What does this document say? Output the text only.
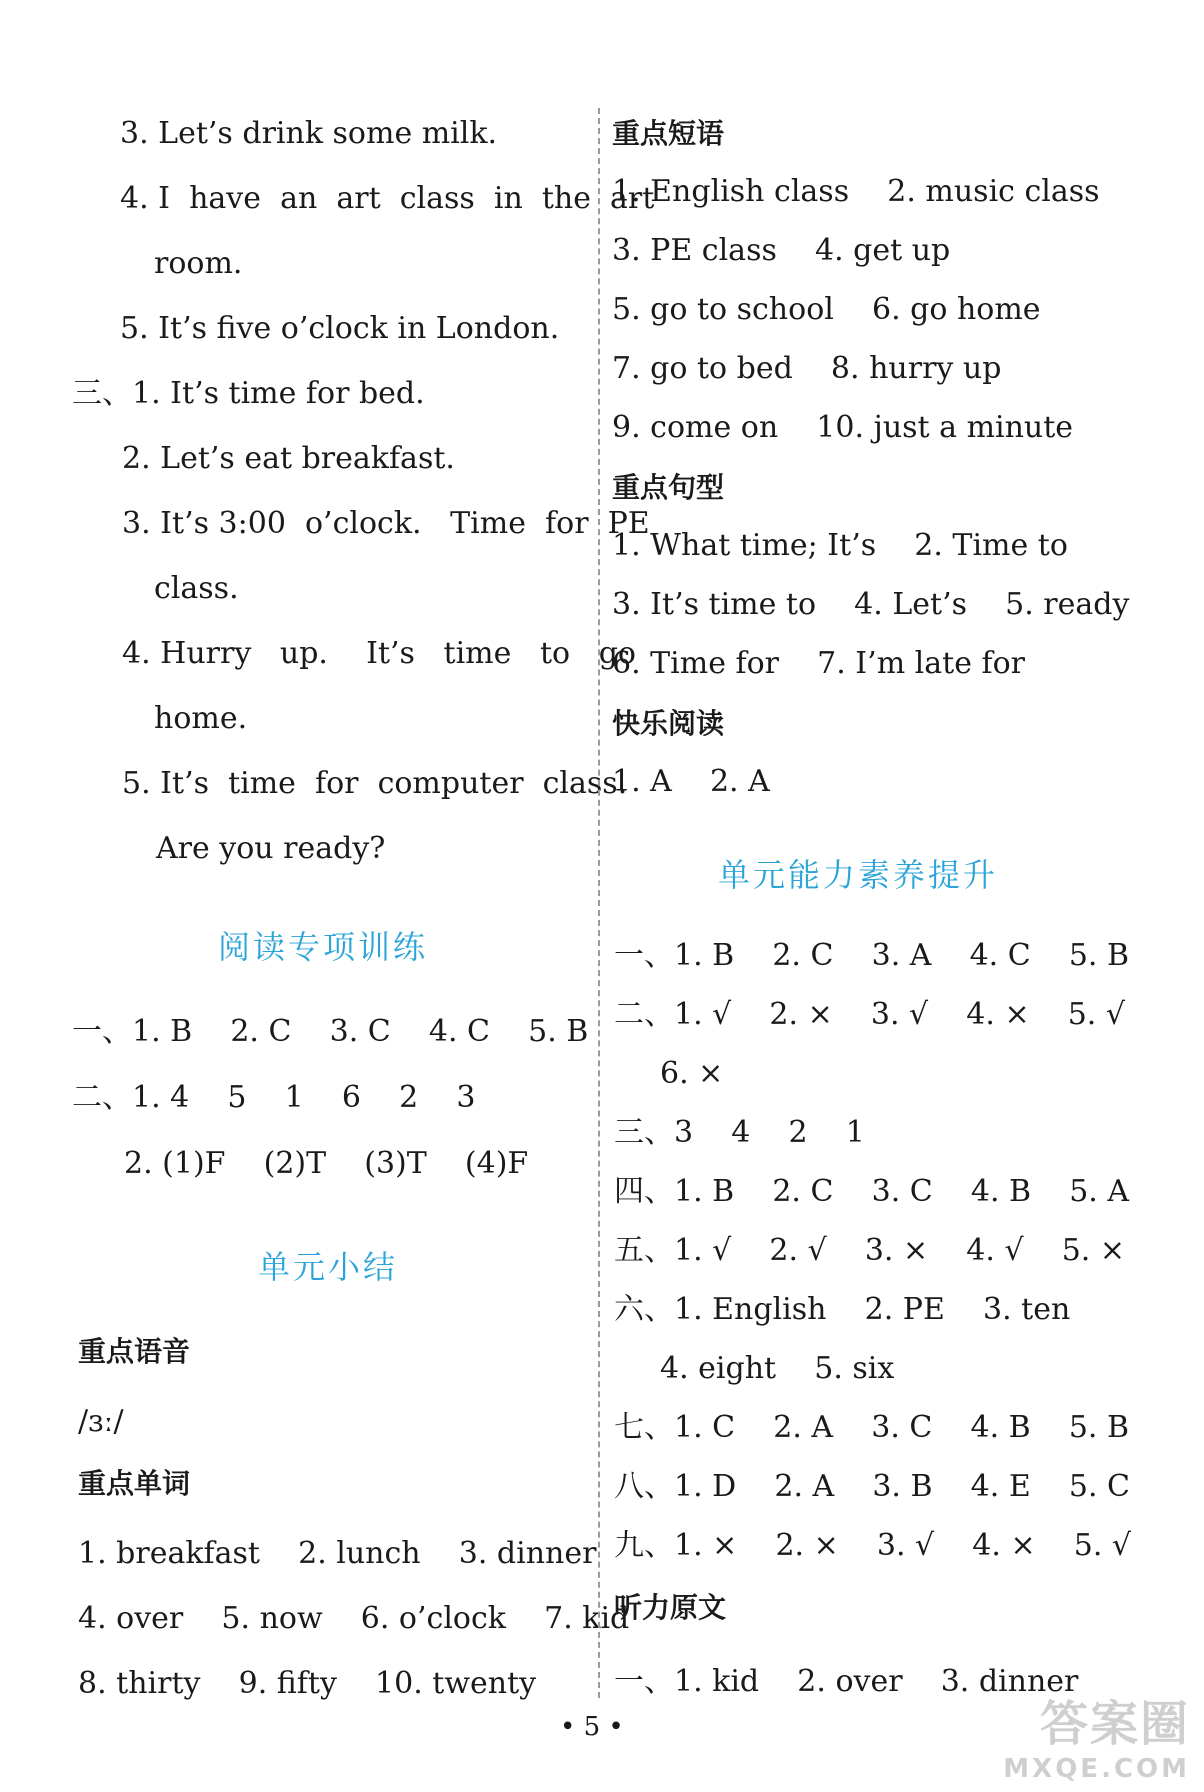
3. Let’s drink some milk.
4. I  have  an  art  class  in  the  art
room.
5. It’s five o’clock in London.
三、1. It’s time for bed.
2. Let’s eat breakfast.
3. It’s 3:00  o’clock.   Time  for  PE
class.
4. Hurry   up.    It’s   time   to   go
home.
5. It’s  time  for  computer  class.
Are you ready?
阅读专项训练
一、1. B    2. C    3. C    4. C    5. B
二、1. 4    5    1    6    2    3
2. (1)F    (2)T    (3)T    (4)F
单元小结
重点语音
/ɜː/
重点单词
1. breakfast    2. lunch    3. dinner
4. over    5. now    6. o’clock    7. kid
8. thirty    9. fifty    10. twenty
重点短语
1. English class    2. music class
3. PE class    4. get up
5. go to school    6. go home
7. go to bed    8. hurry up
9. come on    10. just a minute
重点句型
1. What time; It’s    2. Time to
3. It’s time to    4. Let’s    5. ready
6. Time for    7. I’m late for
快乐阅读
1. A    2. A
单元能力素养提升
一、1. B    2. C    3. A    4. C    5. B
二、1. √    2. ×    3. √    4. ×    5. √
6. ×
三、3    4    2    1
四、1. B    2. C    3. C    4. B    5. A
五、1. √    2. √    3. ×    4. √    5. ×
六、1. English    2. PE    3. ten
4. eight    5. six
七、1. C    2. A    3. C    4. B    5. B
八、1. D    2. A    3. B    4. E    5. C
九、1. ×    2. ×    3. √    4. ×    5. √
听力原文
一、1. kid    2. over    3. dinner
• 5 •	答案圈
MXQE.COM
